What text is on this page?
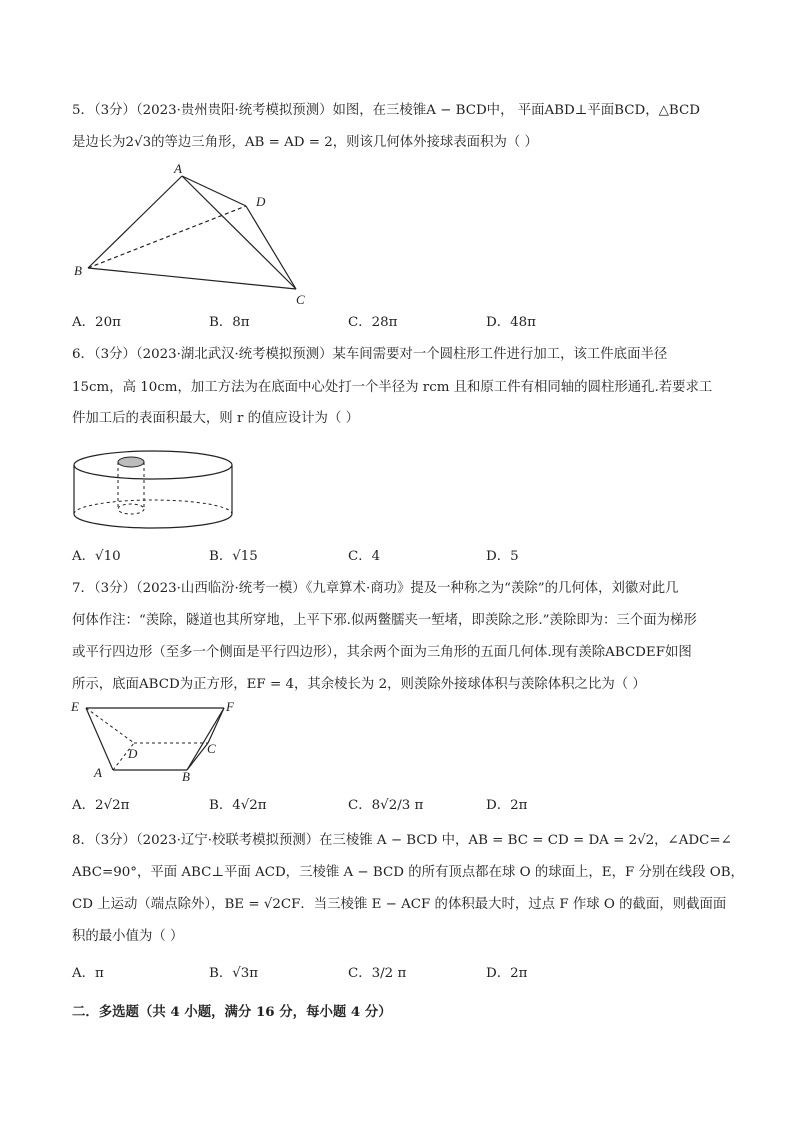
5．（3分）（2023·贵州贵阳·统考模拟预测）如图，在三棱锥A − BCD中， 平面ABD⊥平面BCD，△BCD
是边长为2√3的等边三角形，AB = AD = 2，则该几何体外接球表面积为（ ）
A
D
B
C
A．20π	B．8π	C．28π	D．48π
6．（3分）（2023·湖北武汉·统考模拟预测）某车间需要对一个圆柱形工件进行加工，该工件底面半径
15cm，高 10cm，加工方法为在底面中心处打一个半径为 rcm 且和原工件有相同轴的圆柱形通孔.若要求工
件加工后的表面积最大，则 r 的值应设计为（ ）
A．√10	B．√15	C．4	D．5
7．（3分）（2023·山西临汾·统考一模）《九章算术·商功》提及一种称之为“羡除”的几何体，刘徽对此几
何体作注：“羡除，隧道也其所穿地，上平下邪.似两鳖臑夹一堑堵，即羡除之形.”羡除即为：三个面为梯形
或平行四边形（至多一个侧面是平行四边形），其余两个面为三角形的五面几何体.现有羡除ABCDEF如图
所示，底面ABCD为正方形，EF = 4，其余棱长为 2，则羡除外接球体积与羡除体积之比为（ ）
E	F
D	C
A	B
A．2√2π	B．4√2π	C．8√2/3 π	D．2π
8．（3分）（2023·辽宁·校联考模拟预测）在三棱锥 A − BCD 中，AB = BC = CD = DA = 2√2，∠ADC=∠
ABC=90°，平面 ABC⊥平面 ACD，三棱锥 A − BCD 的所有顶点都在球 O 的球面上，E，F 分别在线段 OB，
CD 上运动（端点除外），BE = √2CF．当三棱锥 E − ACF 的体积最大时，过点 F 作球 O 的截面，则截面面
积的最小值为（ ）
A．π	B．√3π	C．3/2 π	D．2π
二．多选题（共 4 小题，满分 16 分，每小题 4 分）
